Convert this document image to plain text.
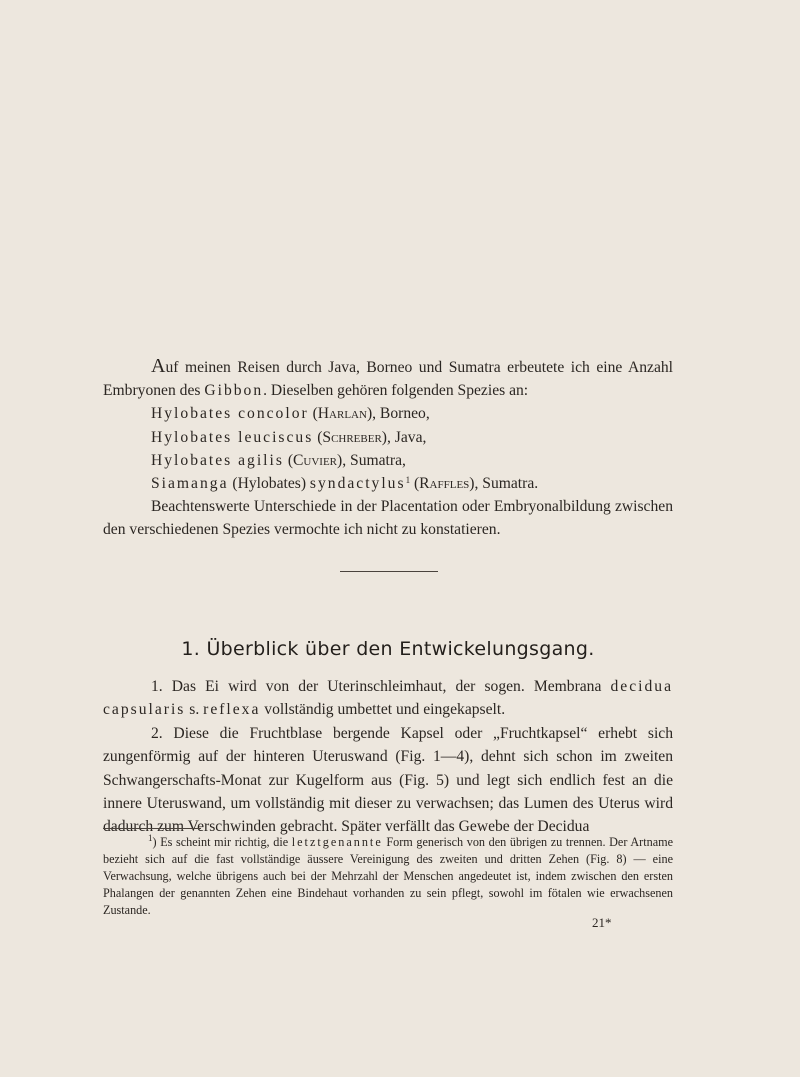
Auf meinen Reisen durch Java, Borneo und Sumatra erbeutete ich eine Anzahl Embryonen des Gibbon. Dieselben gehören folgenden Spezies an:

Hylobates concolor (Harlan), Borneo,

Hylobates leuciscus (Schreber), Java,

Hylobates agilis (Cuvier), Sumatra,

Siamanga (Hylobates) syndactylus$^1$ (Raffles), Sumatra.

Beachtenswerte Unterschiede in der Placentation oder Embryonalbildung zwischen den verschiedenen Spezies vermochte ich nicht zu konstatieren.

1. Überblick über den Entwickelungsgang.

1. Das Ei wird von der Uterinschleimhaut, der sogen. Membrana decidua capsularis s. reflexa vollständig umbettet und eingekapselt.

2. Diese die Fruchtblase bergende Kapsel oder „Fruchtkapsel“ erhebt sich zungenförmig auf der hinteren Uteruswand (Fig. 1—4), dehnt sich schon im zweiten Schwangerschafts-Monat zur Kugelform aus (Fig. 5) und legt sich endlich fest an die innere Uteruswand, um vollständig mit dieser zu verwachsen; das Lumen des Uterus wird dadurch zum Verschwinden gebracht. Später verfällt das Gewebe der Decidua

$^1$) Es scheint mir richtig, die letztgenannte Form generisch von den übrigen zu trennen. Der Artname bezieht sich auf die fast vollständige äussere Vereinigung des zweiten und dritten Zehen (Fig. 8) — eine Verwachsung, welche übrigens auch bei der Mehrzahl der Menschen angedeutet ist, indem zwischen den ersten Phalangen der genannten Zehen eine Bindehaut vorhanden zu sein pflegt, sowohl im fötalen wie erwachsenen Zustande.

21*
